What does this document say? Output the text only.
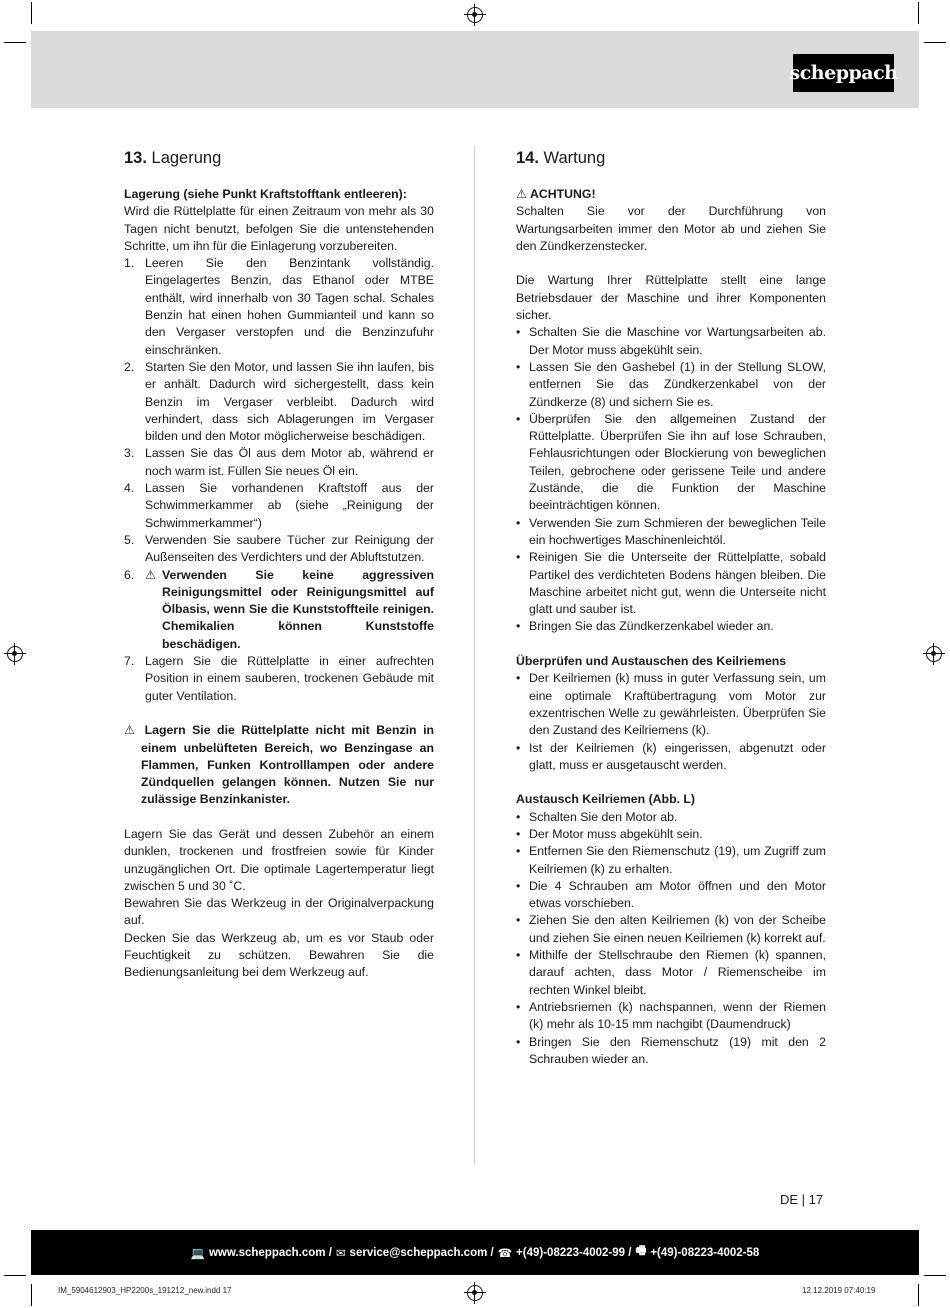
scheppach
13. Lagerung

Lagerung (siehe Punkt Kraftstofftank entleeren):

Wird die Rüttelplatte für einen Zeitraum von mehr als 30 Tagen nicht benutzt, befolgen Sie die untenstehenden Schritte, um ihn für die Einlagerung vorzubereiten.

1. Leeren Sie den Benzintank vollständig. Eingelagertes Benzin, das Ethanol oder MTBE enthält, wird innerhalb von 30 Tagen schal. Schales Benzin hat einen hohen Gummianteil und kann so den Vergaser verstopfen und die Benzinzufuhr einschränken.
2. Starten Sie den Motor, und lassen Sie ihn laufen, bis er anhält. Dadurch wird sichergestellt, dass kein Benzin im Vergaser verbleibt. Dadurch wird verhindert, dass sich Ablagerungen im Vergaser bilden und den Motor möglicherweise beschädigen.
3. Lassen Sie das Öl aus dem Motor ab, während er noch warm ist. Füllen Sie neues Öl ein.
4. Lassen Sie vorhandenen Kraftstoff aus der Schwimmerkammer ab (siehe „Reinigung der Schwimmerkammer“)
5. Verwenden Sie saubere Tücher zur Reinigung der Außenseiten des Verdichters und der Abluftstutzen.
6. ⚠ Verwenden Sie keine aggressiven Reinigungsmittel oder Reinigungsmittel auf Ölbasis, wenn Sie die Kunststoffteile reinigen. Chemikalien können Kunststoffe beschädigen.
7. Lagern Sie die Rüttelplatte in einer aufrechten Position in einem sauberen, trockenen Gebäude mit guter Ventilation.

⚠ Lagern Sie die Rüttelplatte nicht mit Benzin in einem unbelüfteten Bereich, wo Benzingase an Flammen, Funken Kontrolllampen oder andere Zündquellen gelangen können. Nutzen Sie nur zulässige Benzinkanister.

Lagern Sie das Gerät und dessen Zubehör an einem dunklen, trockenen und frostfreien sowie für Kinder unzugänglichen Ort. Die optimale Lagertemperatur liegt zwischen 5 und 30 ˚C.

Bewahren Sie das Werkzeug in der Originalverpackung auf.

Decken Sie das Werkzeug ab, um es vor Staub oder Feuchtigkeit zu schützen. Bewahren Sie die Bedienungsanleitung bei dem Werkzeug auf.

14. Wartung

⚠ ACHTUNG!

Schalten Sie vor der Durchführung von Wartungsarbeiten immer den Motor ab und ziehen Sie den Zündkerzenstecker.

Die Wartung Ihrer Rüttelplatte stellt eine lange Betriebsdauer der Maschine und ihrer Komponenten sicher.

• Schalten Sie die Maschine vor Wartungsarbeiten ab. Der Motor muss abgekühlt sein.
• Lassen Sie den Gashebel (1) in der Stellung SLOW, entfernen Sie das Zündkerzenkabel von der Zündkerze (8) und sichern Sie es.
• Überprüfen Sie den allgemeinen Zustand der Rüttelplatte. Überprüfen Sie ihn auf lose Schrauben, Fehlausrichtungen oder Blockierung von beweglichen Teilen, gebrochene oder gerissene Teile und andere Zustände, die die Funktion der Maschine beeinträchtigen können.
• Verwenden Sie zum Schmieren der beweglichen Teile ein hochwertiges Maschinenleichtöl.
• Reinigen Sie die Unterseite der Rüttelplatte, sobald Partikel des verdichteten Bodens hängen bleiben. Die Maschine arbeitet nicht gut, wenn die Unterseite nicht glatt und sauber ist.
• Bringen Sie das Zündkerzenkabel wieder an.

Überprüfen und Austauschen des Keilriemens

• Der Keilriemen (k) muss in guter Verfassung sein, um eine optimale Kraftübertragung vom Motor zur exzentrischen Welle zu gewährleisten. Überprüfen Sie den Zustand des Keilriemens (k).
• Ist der Keilriemen (k) eingerissen, abgenutzt oder glatt, muss er ausgetauscht werden.

Austausch Keilriemen (Abb. L)

• Schalten Sie den Motor ab.
• Der Motor muss abgekühlt sein.
• Entfernen Sie den Riemenschutz (19), um Zugriff zum Keilriemen (k) zu erhalten.
• Die 4 Schrauben am Motor öffnen und den Motor etwas vorschieben.
• Ziehen Sie den alten Keilriemen (k) von der Scheibe und ziehen Sie einen neuen Keilriemen (k) korrekt auf.
• Mithilfe der Stellschraube den Riemen (k) spannen, darauf achten, dass Motor / Riemenscheibe im rechten Winkel bleibt.
• Antriebsriemen (k) nachspannen, wenn der Riemen (k) mehr als 10-15 mm nachgibt (Daumendruck)
• Bringen Sie den Riemenschutz (19) mit den 2 Schrauben wieder an.
DE | 17
💻 www.scheppach.com / ✉ service@scheppach.com / ☎ +(49)-08223-4002-99 / 🖷 +(49)-08223-4002-58
IM_5904612903_HP2200s_191212_new.indd 17	12.12.2019 07:40:19
